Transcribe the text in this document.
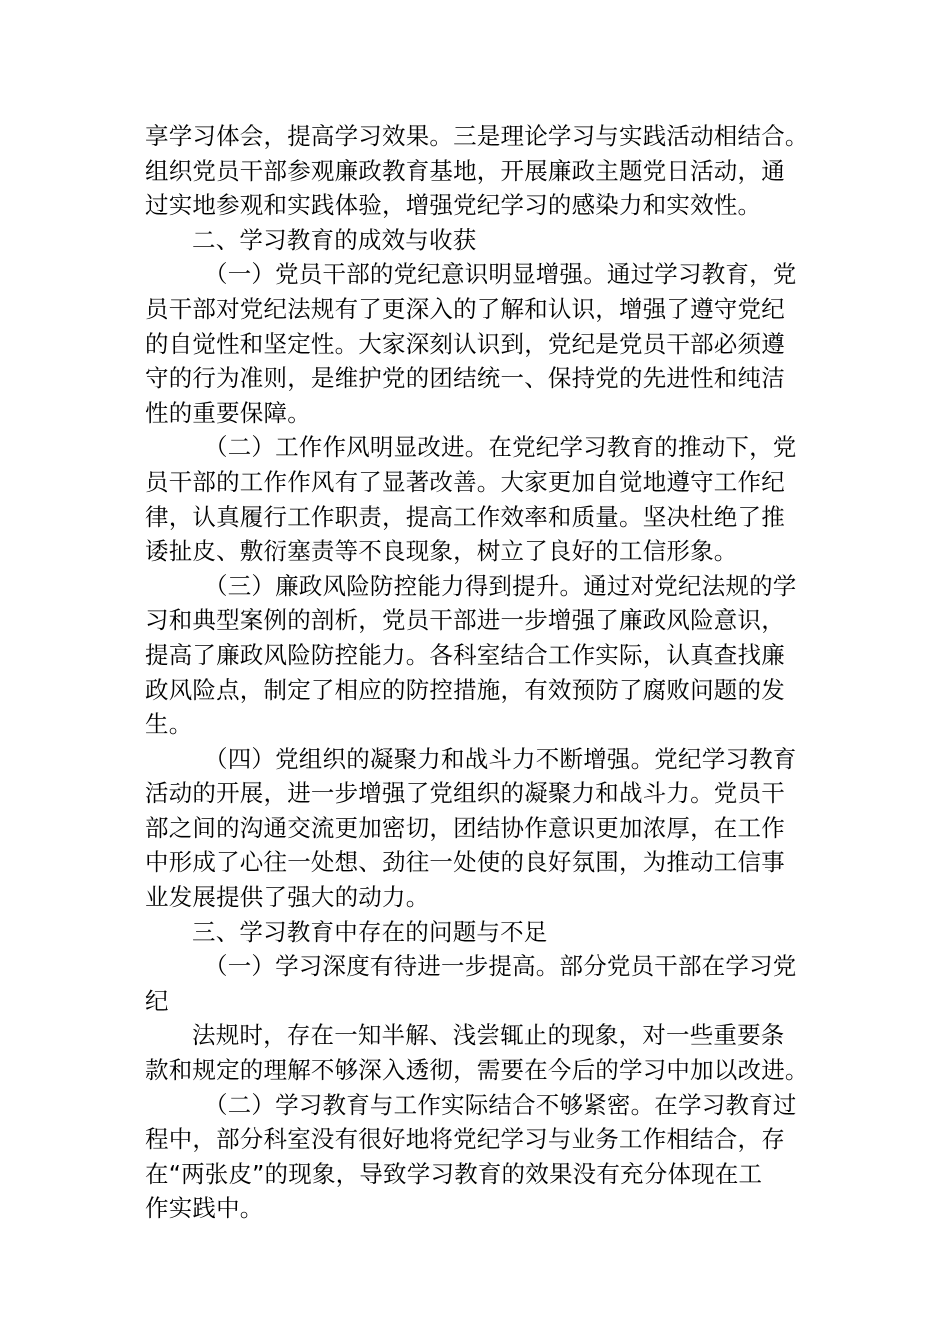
享学习体会，提高学习效果。三是理论学习与实践活动相结合。
组织党员干部参观廉政教育基地，开展廉政主题党日活动，通
过实地参观和实践体验，增强党纪学习的感染力和实效性。
二、学习教育的成效与收获
（一）党员干部的党纪意识明显增强。通过学习教育，党
员干部对党纪法规有了更深入的了解和认识，增强了遵守党纪
的自觉性和坚定性。大家深刻认识到，党纪是党员干部必须遵
守的行为准则，是维护党的团结统一、保持党的先进性和纯洁
性的重要保障。
（二）工作作风明显改进。在党纪学习教育的推动下，党
员干部的工作作风有了显著改善。大家更加自觉地遵守工作纪
律，认真履行工作职责，提高工作效率和质量。坚决杜绝了推
诿扯皮、敷衍塞责等不良现象，树立了良好的工信形象。
（三）廉政风险防控能力得到提升。通过对党纪法规的学
习和典型案例的剖析，党员干部进一步增强了廉政风险意识，
提高了廉政风险防控能力。各科室结合工作实际，认真查找廉
政风险点，制定了相应的防控措施，有效预防了腐败问题的发
生。
（四）党组织的凝聚力和战斗力不断增强。党纪学习教育
活动的开展，进一步增强了党组织的凝聚力和战斗力。党员干
部之间的沟通交流更加密切，团结协作意识更加浓厚，在工作
中形成了心往一处想、劲往一处使的良好氛围，为推动工信事
业发展提供了强大的动力。
三、学习教育中存在的问题与不足
（一）学习深度有待进一步提高。部分党员干部在学习党
纪
法规时，存在一知半解、浅尝辄止的现象，对一些重要条
款和规定的理解不够深入透彻，需要在今后的学习中加以改进。
（二）学习教育与工作实际结合不够紧密。在学习教育过
程中，部分科室没有很好地将党纪学习与业务工作相结合，存
在“两张皮”的现象，导致学习教育的效果没有充分体现在工
作实践中。
